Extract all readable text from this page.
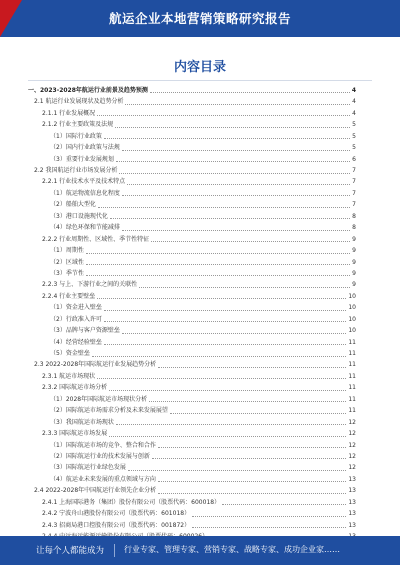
航运企业本地营销策略研究报告
内容目录
一、2023-2028年航运行业前景及趋势预测	4
2.1 航运行业发展现状及趋势分析	4
2.1.1 行业发展概况	4
2.1.2 行业主要政策及法规	5
（1）国际行业政策	5
（2）国内行业政策与法规	5
（3）重要行业发展规划	6
2.2 我国航运行业市场发展分析	7
2.2.1 行业技术水平及技术特点	7
（1）航运物流信息化程度	7
（2）船舶大型化	7
（3）港口设施现代化	8
（4）绿色环保和节能减排	8
2.2.2 行业周期性、区域性、季节性特征	9
（1）周期性	9
（2）区域性	9
（3）季节性	9
2.2.3 与上、下游行业之间的关联性	9
2.2.4 行业主要壁垒	10
（1）资金进入壁垒	10
（2）行政准入许可	10
（3）品牌与客户资源壁垒	10
（4）经营经验壁垒	11
（5）资金壁垒	11
2.3 2022-2028年国际航运行业发展趋势分析	11
2.3.1 航运市场现状	11
2.3.2 国际航运市场分析	11
（1）2028年国际航运市场现状分析	11
（2）国际航运市场需求分析及未来发展展望	11
（3）我国航运市场现状	12
2.3.3 国际航运市场发展	12
（1）国际航运市场的竞争、整合和合作	12
（2）国际航运行业的技术发展与创新	12
（3）国际航运行业绿色发展	12
（4）航运业未来发展的重点领域与方向	13
2.4 2022-2028年中国航运行业领先企业分析	13
2.4.1 上海国际港务（集团）股份有限公司（股票代码：600018）	13
2.4.2 宁波舟山港股份有限公司（股票代码：601018）	13
2.4.3 招商局港口控股有限公司（股票代码：001872）	13
让每个人都能成为 行业专家、管理专家、营销专家、战略专家、成功企业家……
